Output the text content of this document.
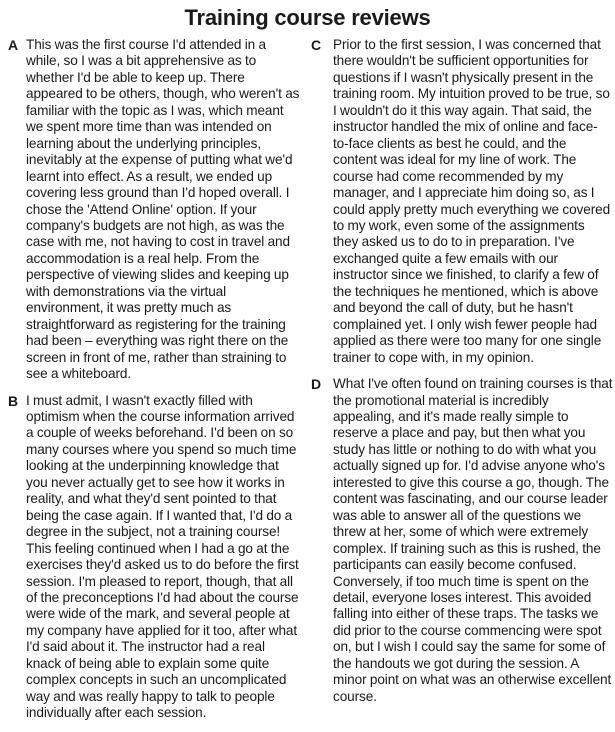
Training course reviews
A This was the first course I'd attended in a while, so I was a bit apprehensive as to whether I'd be able to keep up. There appeared to be others, though, who weren't as familiar with the topic as I was, which meant we spent more time than was intended on learning about the underlying principles, inevitably at the expense of putting what we'd learnt into effect. As a result, we ended up covering less ground than I'd hoped overall. I chose the 'Attend Online' option. If your company's budgets are not high, as was the case with me, not having to cost in travel and accommodation is a real help. From the perspective of viewing slides and keeping up with demonstrations via the virtual environment, it was pretty much as straightforward as registering for the training had been – everything was right there on the screen in front of me, rather than straining to see a whiteboard.

B I must admit, I wasn't exactly filled with optimism when the course information arrived a couple of weeks beforehand. I'd been on so many courses where you spend so much time looking at the underpinning knowledge that you never actually get to see how it works in reality, and what they'd sent pointed to that being the case again. If I wanted that, I'd do a degree in the subject, not a training course! This feeling continued when I had a go at the exercises they'd asked us to do before the first session. I'm pleased to report, though, that all of the preconceptions I'd had about the course were wide of the mark, and several people at my company have applied for it too, after what I'd said about it. The instructor had a real knack of being able to explain some quite complex concepts in such an uncomplicated way and was really happy to talk to people individually after each session.

C Prior to the first session, I was concerned that there wouldn't be sufficient opportunities for questions if I wasn't physically present in the training room. My intuition proved to be true, so I wouldn't do it this way again. That said, the instructor handled the mix of online and face-to-face clients as best he could, and the content was ideal for my line of work. The course had come recommended by my manager, and I appreciate him doing so, as I could apply pretty much everything we covered to my work, even some of the assignments they asked us to do to in preparation. I've exchanged quite a few emails with our instructor since we finished, to clarify a few of the techniques he mentioned, which is above and beyond the call of duty, but he hasn't complained yet. I only wish fewer people had applied as there were too many for one single trainer to cope with, in my opinion.

D What I've often found on training courses is that the promotional material is incredibly appealing, and it's made really simple to reserve a place and pay, but then what you study has little or nothing to do with what you actually signed up for. I'd advise anyone who's interested to give this course a go, though. The content was fascinating, and our course leader was able to answer all of the questions we threw at her, some of which were extremely complex. If training such as this is rushed, the participants can easily become confused. Conversely, if too much time is spent on the detail, everyone loses interest. This avoided falling into either of these traps. The tasks we did prior to the course commencing were spot on, but I wish I could say the same for some of the handouts we got during the session. A minor point on what was an otherwise excellent course.
